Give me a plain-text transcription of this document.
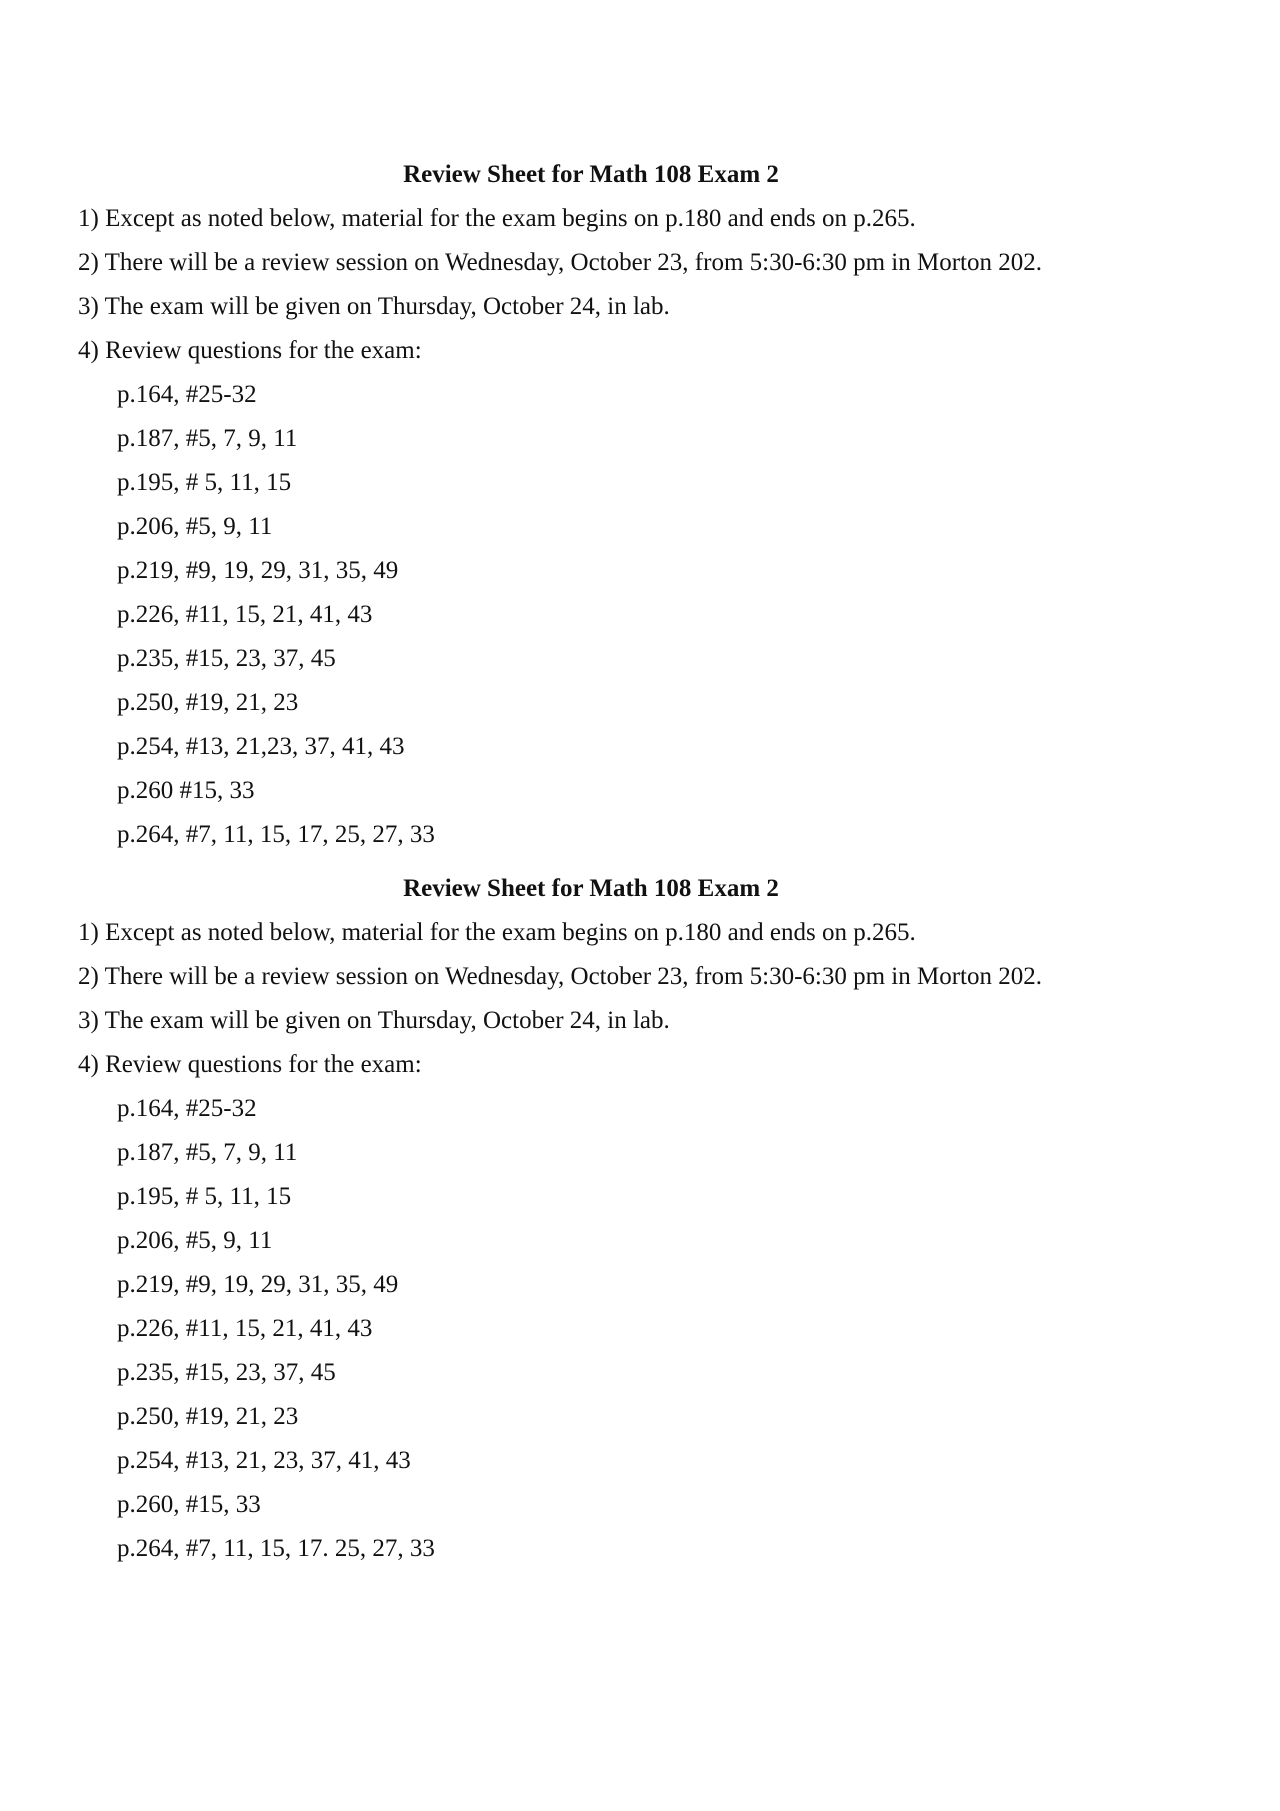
Review Sheet for Math 108 Exam 2
1) Except as noted below, material for the exam begins on p.180 and ends on p.265.
2) There will be a review session on Wednesday, October 23, from 5:30-6:30 pm in Morton 202.
3) The exam will be given on Thursday, October 24, in lab.
4) Review questions for the exam:
p.164, #25-32
p.187, #5, 7, 9, 11
p.195, # 5, 11, 15
p.206, #5, 9, 11
p.219, #9, 19, 29, 31, 35, 49
p.226, #11, 15, 21, 41, 43
p.235, #15, 23, 37, 45
p.250, #19, 21, 23
p.254, #13, 21,23, 37, 41, 43
p.260 #15, 33
p.264, #7, 11, 15, 17, 25, 27, 33
Review Sheet for Math 108 Exam 2
1) Except as noted below, material for the exam begins on p.180 and ends on p.265.
2) There will be a review session on Wednesday, October 23, from 5:30-6:30 pm in Morton 202.
3) The exam will be given on Thursday, October 24, in lab.
4) Review questions for the exam:
p.164, #25-32
p.187, #5, 7, 9, 11
p.195, # 5, 11, 15
p.206, #5, 9, 11
p.219, #9, 19, 29, 31, 35, 49
p.226, #11, 15, 21, 41, 43
p.235, #15, 23, 37, 45
p.250, #19, 21, 23
p.254, #13, 21, 23, 37, 41, 43
p.260, #15, 33
p.264, #7, 11, 15, 17. 25, 27, 33
